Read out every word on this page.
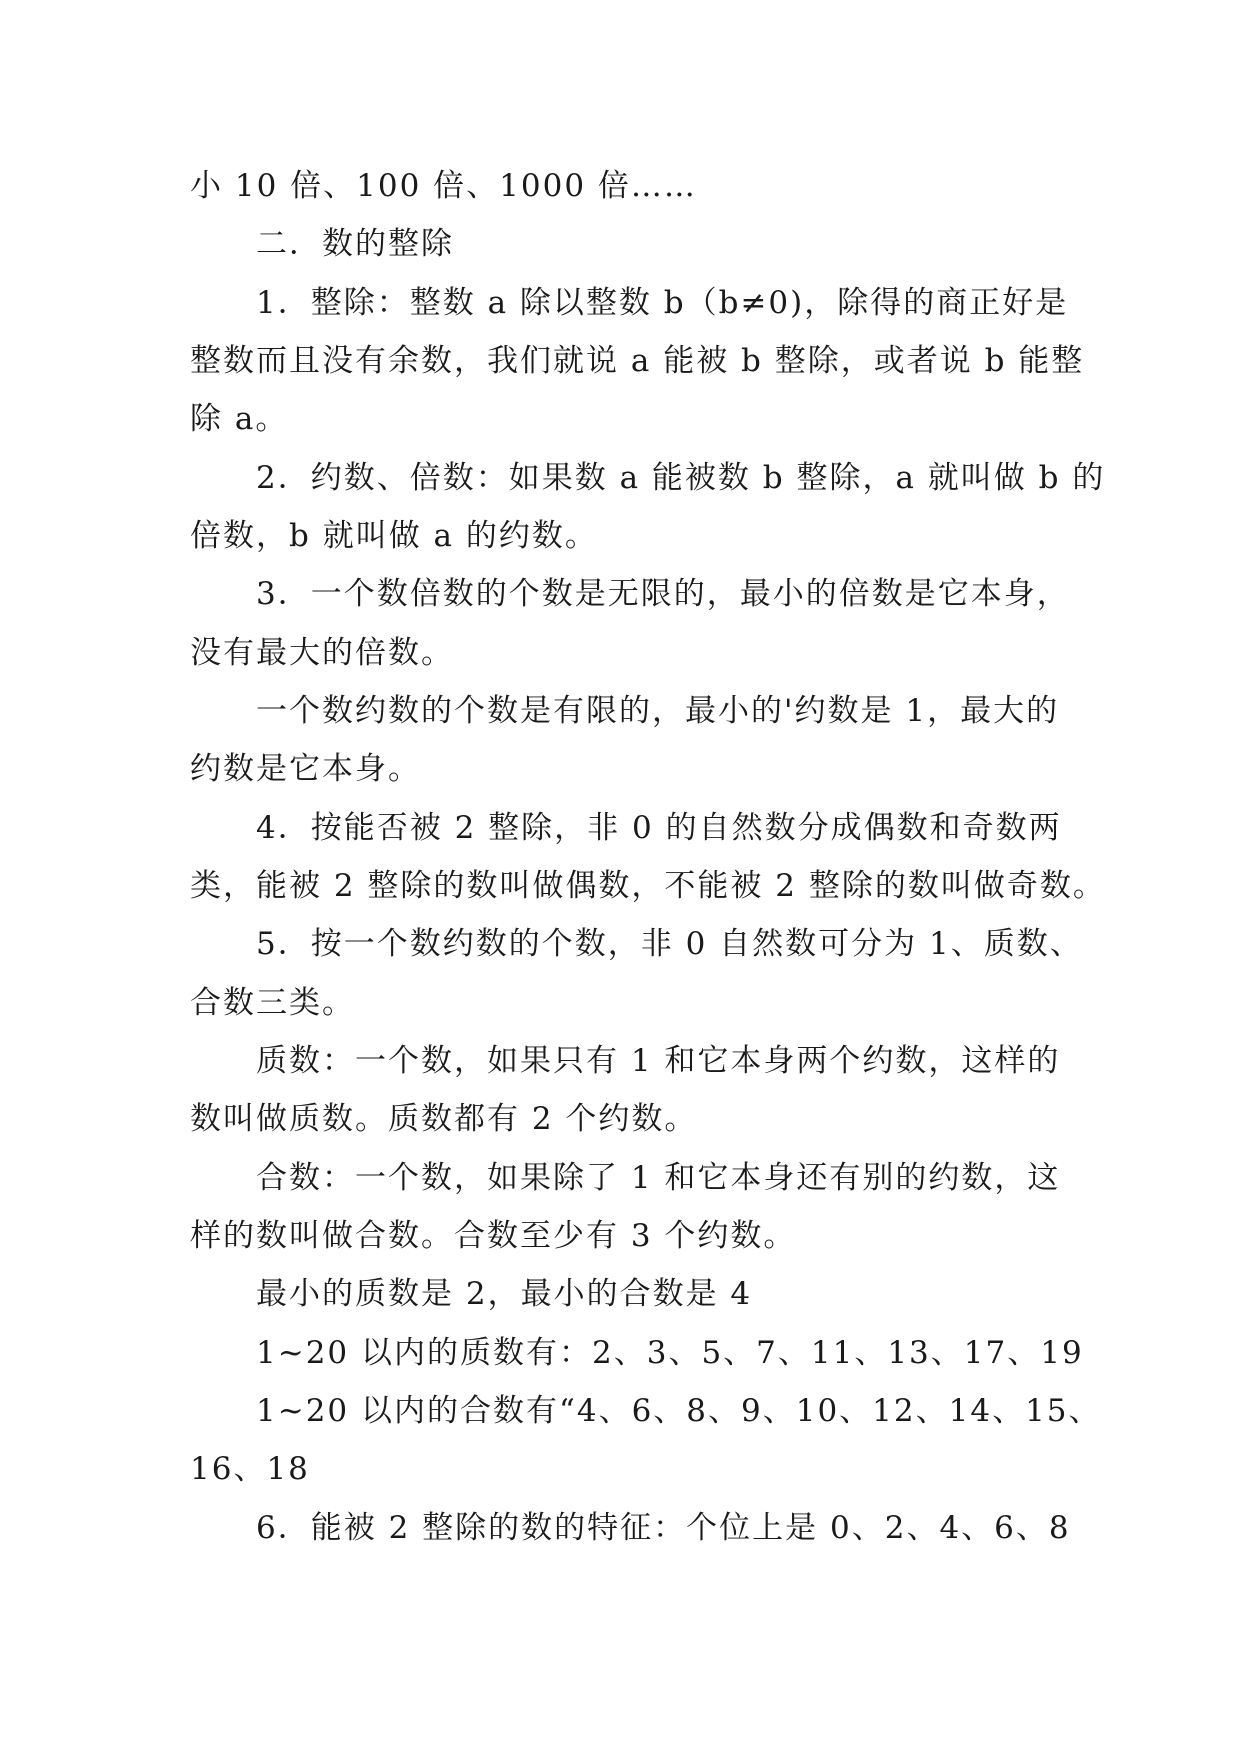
小 10 倍、100 倍、1000 倍……
二．数的整除
1．整除：整数 a 除以整数 b（b≠0)，除得的商正好是
整数而且没有余数，我们就说 a 能被 b 整除，或者说 b 能整
除 a。
2．约数、倍数：如果数 a 能被数 b 整除，a 就叫做 b 的
倍数，b 就叫做 a 的约数。
3．一个数倍数的个数是无限的，最小的倍数是它本身，
没有最大的倍数。
一个数约数的个数是有限的，最小的'约数是 1，最大的
约数是它本身。
4．按能否被 2 整除，非 0 的自然数分成偶数和奇数两
类，能被 2 整除的数叫做偶数，不能被 2 整除的数叫做奇数。
5．按一个数约数的个数，非 0 自然数可分为 1、质数、
合数三类。
质数：一个数，如果只有 1 和它本身两个约数，这样的
数叫做质数。质数都有 2 个约数。
合数：一个数，如果除了 1 和它本身还有别的约数，这
样的数叫做合数。合数至少有 3 个约数。
最小的质数是 2，最小的合数是 4
1~20 以内的质数有：2、3、5、7、11、13、17、19
1~20 以内的合数有“4、6、8、9、10、12、14、15、
16、18
6．能被 2 整除的数的特征：个位上是 0、2、4、6、8
